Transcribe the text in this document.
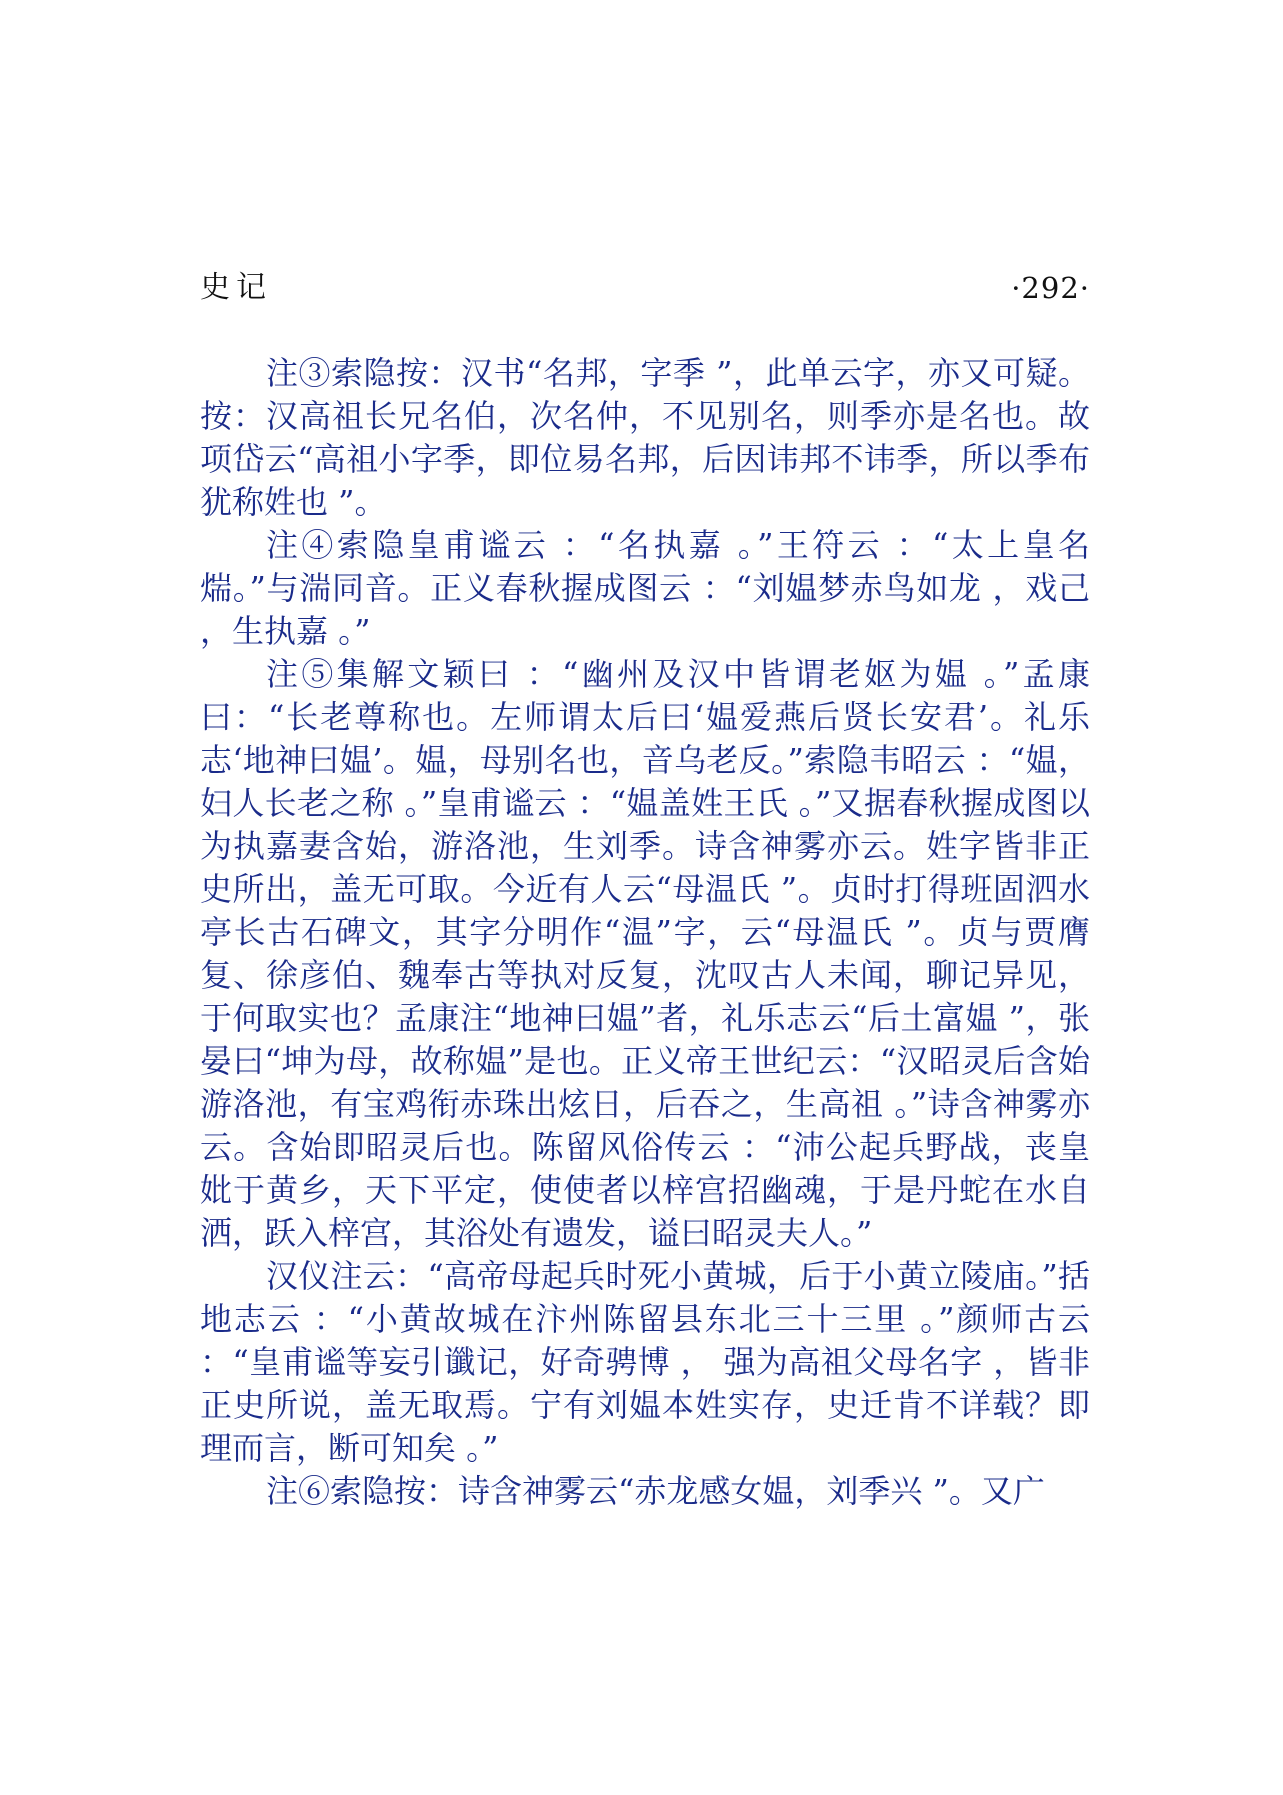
史记	·292·

注③索隐按：汉书“名邦，字季 ”，此单云字，亦又可疑。按：汉高祖长兄名伯，次名仲，不见别名，则季亦是名也。故项岱云“高祖小字季，即位易名邦，后因讳邦不讳季，所以季布犹称姓也 ”。

注④索隐皇甫谧云 ：“名执嘉 。”王符云 ：“太上皇名煓。”与湍同音。正义春秋握成图云 ：“刘媪梦赤鸟如龙 ，戏己 ，生执嘉 。”

注⑤集解文颖曰 ：“幽州及汉中皆谓老妪为媪 。”孟康曰：“长老尊称也。左师谓太后曰‘媪爱燕后贤长安君’。礼乐志‘地神曰媪’。媪，母别名也，音乌老反。”索隐韦昭云 ：“媪，妇人长老之称 。”皇甫谧云 ：“媪盖姓王氏 。”又据春秋握成图以为执嘉妻含始，游洛池，生刘季。诗含神雾亦云。姓字皆非正史所出，盖无可取。今近有人云“母温氏 ”。贞时打得班固泗水亭长古石碑文，其字分明作“温”字，云“母温氏 ”。贞与贾膺复、徐彦伯、魏奉古等执对反复，沈叹古人未闻，聊记异见，于何取实也？孟康注“地神曰媪”者，礼乐志云“后土富媪 ”，张晏曰“坤为母，故称媪”是也。正义帝王世纪云：“汉昭灵后含始游洛池，有宝鸡衔赤珠出炫日，后吞之，生高祖 。”诗含神雾亦云。含始即昭灵后也。陈留风俗传云 ：“沛公起兵野战，丧皇妣于黄乡，天下平定，使使者以梓宫招幽魂，于是丹蛇在水自洒，跃入梓宫，其浴处有遗发，谥曰昭灵夫人。”

汉仪注云：“高帝母起兵时死小黄城，后于小黄立陵庙。”括地志云 ：“小黄故城在汴州陈留县东北三十三里 。”颜师古云 ：“皇甫谧等妄引谶记，好奇骋博 ， 强为高祖父母名字 ，皆非正史所说，盖无取焉。宁有刘媪本姓实存，史迁肯不详载？即理而言，断可知矣 。”

注⑥索隐按：诗含神雾云“赤龙感女媪，刘季兴 ”。又广
